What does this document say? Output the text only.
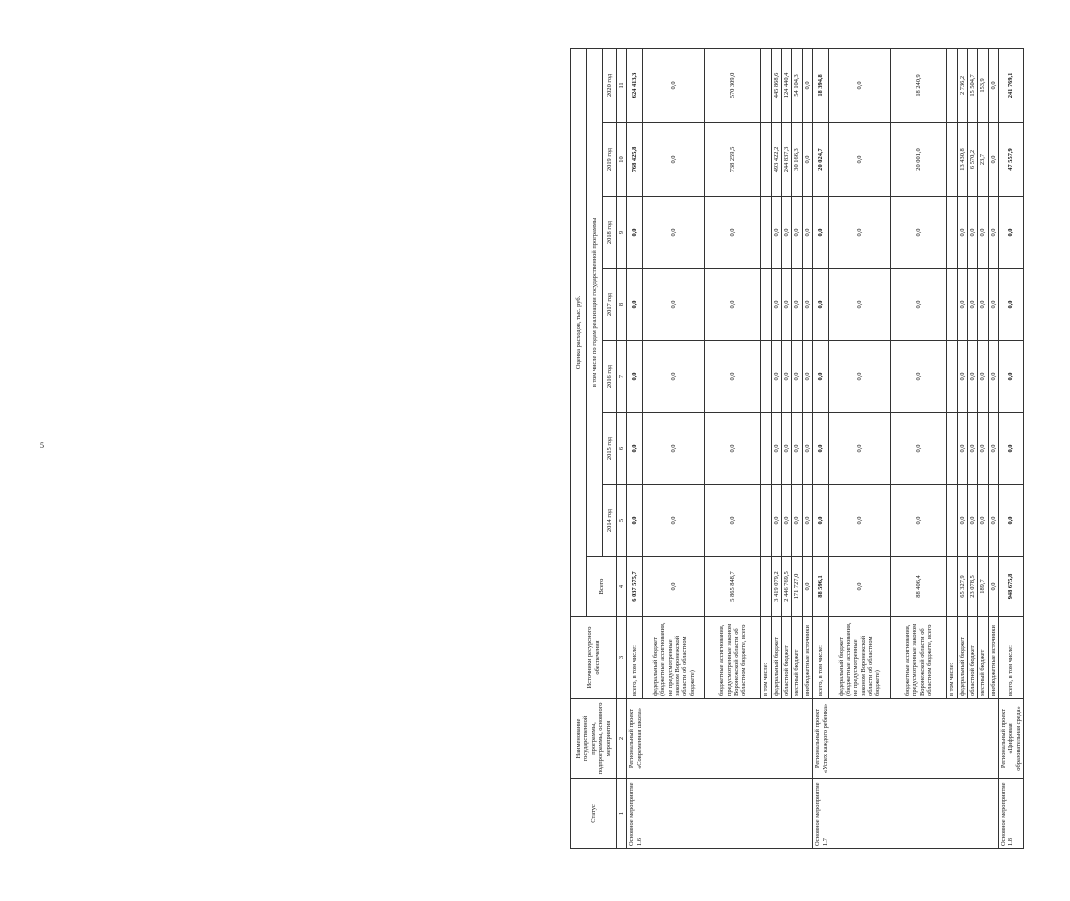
5
Статус	Наименование государственной программы, подпрограммы, основного мероприятия	Источники ресурсного обеспечения	Оценка расходов, тыс. руб.							
			Всего	в том числе по годам реализации государственной программы						
				2014 год	2015 год	2016 год	2017 год	2018 год	2019 год	2020 год
1	2	3	4	5	6	7	8	9	10	11
Основное мероприятие 1.6	Региональный проект «Современная школа»	всего, в том числе:	6 037 575,7	0,0	0,0	0,0	0,0	0,0	768 425,8	624 413,3
		федеральный бюджет (бюджетные ассигнования, не предусмотренные законом Воронежской области об областном бюджете)	0,0	0,0	0,0	0,0	0,0	0,0	0,0	0,0
		бюджетные ассигнования, предусмотренные законом Воронежской области об областном бюджете, всего	5 865 848,7	0,0	0,0	0,0	0,0	0,0	738 259,5	570 309,0
		в том числе:								
		федеральный бюджет	3 419 079,2	0,0	0,0	0,0	0,0	0,0	493 422,2	445 868,6
		областной бюджет	2 446 769,5	0,0	0,0	0,0	0,0	0,0	244 837,3	124 440,4
		местный бюджет	171 727,0	0,0	0,0	0,0	0,0	0,0	30 166,3	54 104,3
		внебюджетные источники	0,0	0,0	0,0	0,0	0,0	0,0	0,0	0,0
Основное мероприятие 1.7	Региональный проект «Успех каждого ребенка»	всего, в том числе:	88 596,1	0,0	0,0	0,0	0,0	0,0	20 024,7	18 394,8
		федеральный бюджет (бюджетные ассигнования, не предусмотренные законом Воронежской области об областном бюджете)	0,0	0,0	0,0	0,0	0,0	0,0	0,0	0,0
		бюджетные ассигнования, предусмотренные законом Воронежской области об областном бюджете, всего	88 406,4	0,0	0,0	0,0	0,0	0,0	20 001,0	18 240,9
		в том числе:								
		федеральный бюджет	65 327,9	0,0	0,0	0,0	0,0	0,0	13 430,8	2 736,2
		областной бюджет	23 078,5	0,0	0,0	0,0	0,0	0,0	6 570,2	15 504,7
		местный бюджет	189,7	0,0	0,0	0,0	0,0	0,0	23,7	153,9
		внебюджетные источники	0,0	0,0	0,0	0,0	0,0	0,0	0,0	0,0
Основное мероприятие 1.8	Региональный проект «Цифровая образовательная среда»	всего, в том числе:	948 675,8	0,0	0,0	0,0	0,0	0,0	47 557,9	241 769,1
